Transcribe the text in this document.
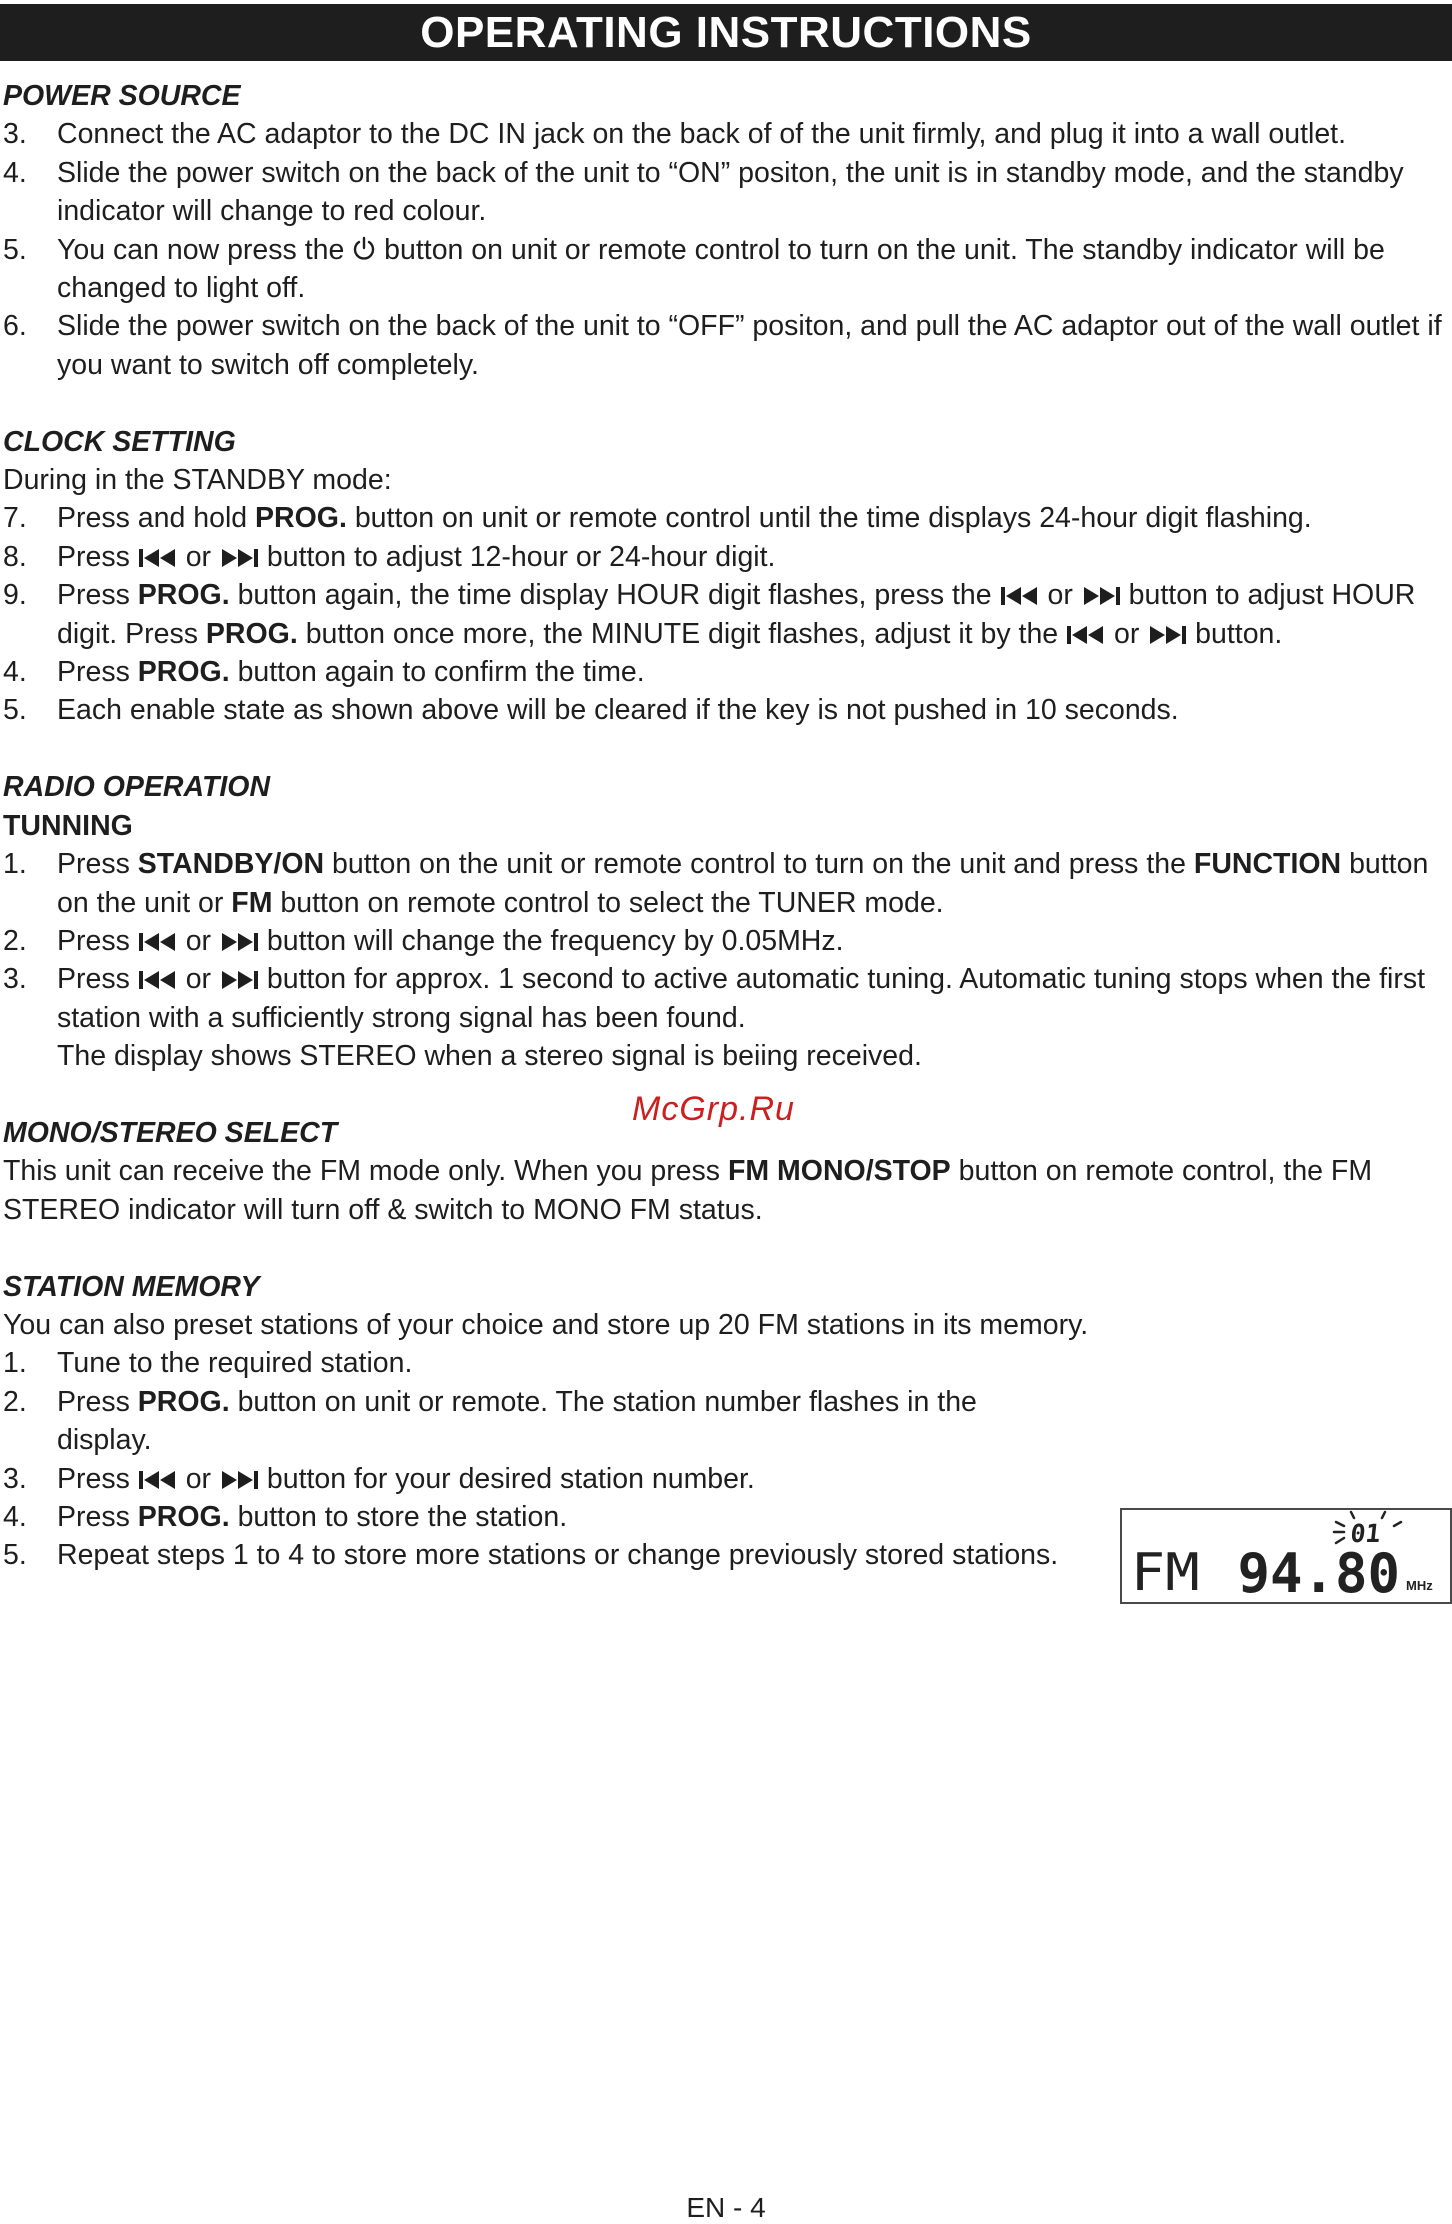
OPERATING INSTRUCTIONS
POWER SOURCE
3.	Connect the AC adaptor to the DC IN jack on the back of of the unit firmly, and plug it into a wall outlet.
4.	Slide the power switch on the back of the unit to “ON” positon, the unit is in standby mode, and the standby indicator will change to red colour.
5.	You can now press the button on unit or remote control to turn on the unit. The standby indicator will be changed to light off.
6.	Slide the power switch on the back of the unit to “OFF” positon, and pull the AC adaptor out of the wall outlet if you want to switch off completely.
CLOCK SETTING
During in the STANDBY mode:
7.	Press and hold PROG. button on unit or remote control until the time displays 24-hour digit flashing.
8.	Press or button to adjust 12-hour or 24-hour digit.
9.	Press PROG. button again, the time display HOUR digit flashes, press the or button to adjust HOUR digit. Press PROG. button once more, the MINUTE digit flashes, adjust it by the or button.
4.	Press PROG. button again to confirm the time.
5.	Each enable state as shown above will be cleared if the key is not pushed in 10 seconds.
RADIO OPERATION
TUNNING
1.	Press STANDBY/ON button on the unit or remote control to turn on the unit and press the FUNCTION button on the unit or FM button on remote control to select the TUNER mode.
2.	Press or button will change the frequency by 0.05MHz.
3.	Press or button for approx. 1 second to active automatic tuning. Automatic tuning stops when the first station with a sufficiently strong signal has been found.
The display shows STEREO when a stereo signal is beiing received.
MONO/STEREO SELECT
This unit can receive the FM mode only. When you press FM MONO/STOP button on remote control, the FM STEREO indicator will turn off & switch to MONO FM status.
STATION MEMORY
You can also preset stations of your choice and store up 20 FM stations in its memory.
1.	Tune to the required station.
2.	Press PROG. button on unit or remote. The station number flashes in the display.
3.	Press or button for your desired station number.
4.	Press PROG. button to store the station.
5.	Repeat steps 1 to 4 to store more stations or change previously stored stations.
01
FM 94.80 MHz
McGrp.Ru
EN - 4
